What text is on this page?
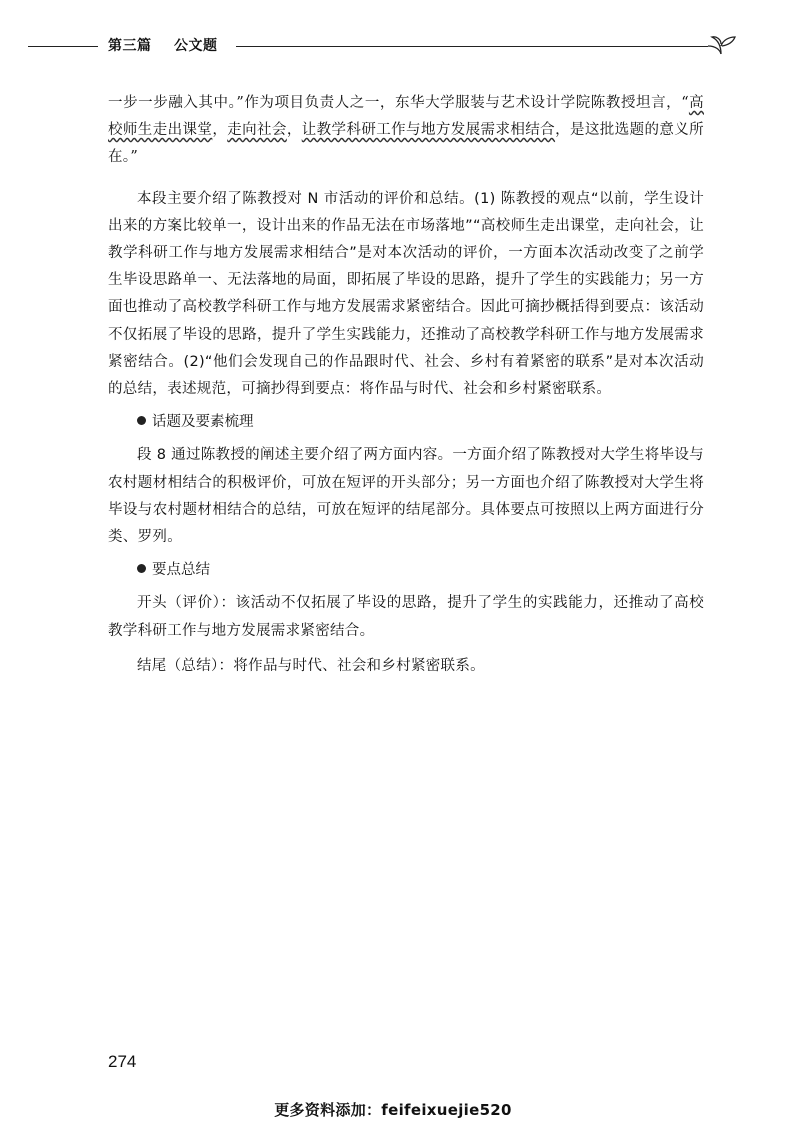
第三篇 公文题

一步一步融入其中。”作为项目负责人之一，东华大学服装与艺术设计学院陈教授坦言，“高校师生走出课堂，走向社会，让教学科研工作与地方发展需求相结合，是这批选题的意义所在。”

本段主要介绍了陈教授对 N 市活动的评价和总结。(1) 陈教授的观点“以前，学生设计出来的方案比较单一，设计出来的作品无法在市场落地”“高校师生走出课堂，走向社会，让教学科研工作与地方发展需求相结合”是对本次活动的评价，一方面本次活动改变了之前学生毕设思路单一、无法落地的局面，即拓展了毕设的思路，提升了学生的实践能力；另一方面也推动了高校教学科研工作与地方发展需求紧密结合。因此可摘抄概括得到要点：该活动不仅拓展了毕设的思路，提升了学生实践能力，还推动了高校教学科研工作与地方发展需求紧密结合。(2)“他们会发现自己的作品跟时代、社会、乡村有着紧密的联系”是对本次活动的总结，表述规范，可摘抄得到要点：将作品与时代、社会和乡村紧密联系。

话题及要素梳理

段 8 通过陈教授的阐述主要介绍了两方面内容。一方面介绍了陈教授对大学生将毕设与农村题材相结合的积极评价，可放在短评的开头部分；另一方面也介绍了陈教授对大学生将毕设与农村题材相结合的总结，可放在短评的结尾部分。具体要点可按照以上两方面进行分类、罗列。

要点总结

开头（评价）：该活动不仅拓展了毕设的思路，提升了学生的实践能力，还推动了高校教学科研工作与地方发展需求紧密结合。

结尾（总结）：将作品与时代、社会和乡村紧密联系。

274
更多资料添加：feifeixuejie520
